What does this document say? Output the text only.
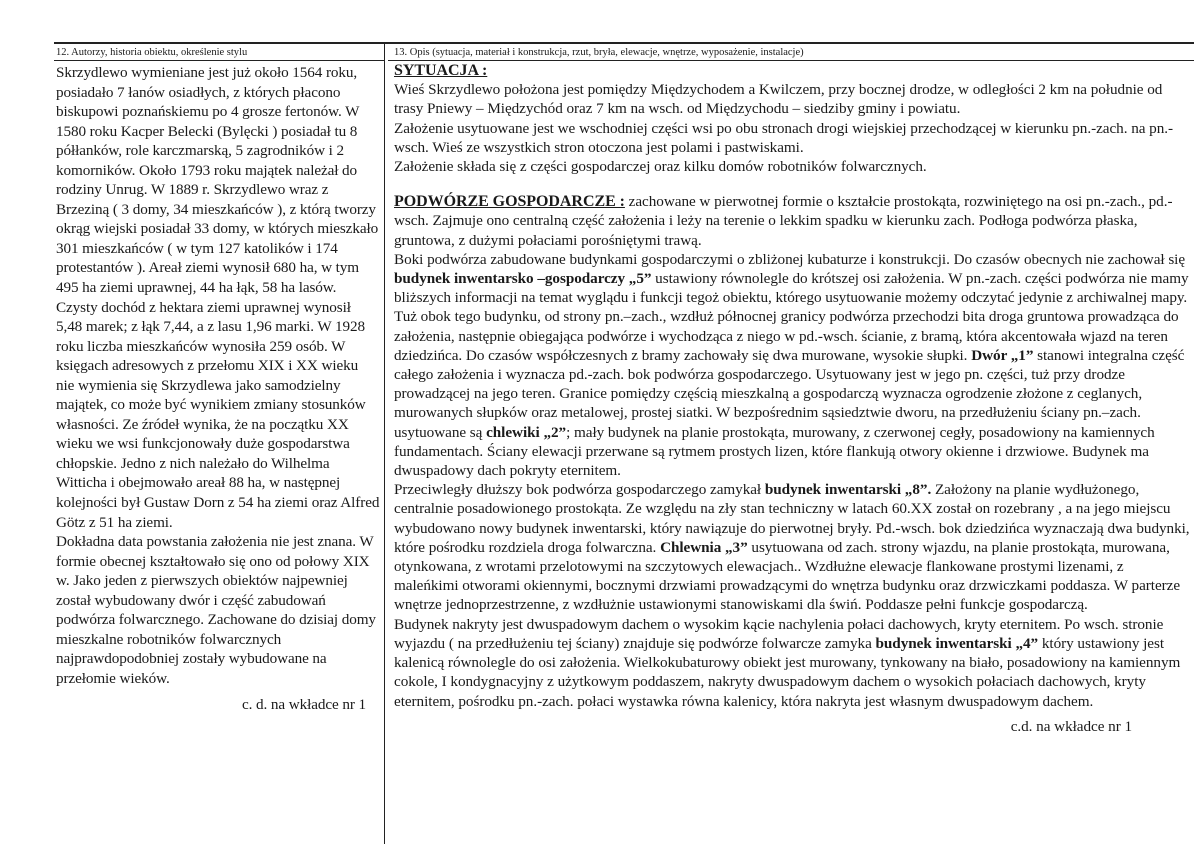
12. Autorzy, historia obiektu, określenie stylu

Skrzydlewo wymieniane jest już około 1564 roku, posiadało 7 łanów osiadłych, z których płacono biskupowi poznańskiemu po 4 grosze fertonów. W 1580 roku Kacper Belecki (Bylęcki ) posiadał tu 8 półłanków, role karczmarską, 5 zagrodników i 2 komorników. Około 1793 roku majątek należał do rodziny Unrug. W 1889 r. Skrzydlewo wraz z Brzeziną ( 3 domy, 34 mieszkańców ), z którą tworzy okrąg wiejski posiadał 33 domy, w których mieszkało 301 mieszkańców ( w tym 127 katolików i 174 protestantów ). Areał ziemi wynosił 680 ha, w tym 495 ha ziemi uprawnej, 44 ha łąk, 58 ha lasów. Czysty dochód z hektara ziemi uprawnej wynosił 5,48 marek; z łąk 7,44, a z lasu 1,96 marki. W 1928 roku liczba mieszkańców wynosiła 259 osób. W księgach adresowych z przełomu XIX i XX wieku nie wymienia się Skrzydlewa jako samodzielny majątek, co może być wynikiem zmiany stosunków własności. Ze źródeł wynika, że na początku XX wieku we wsi funkcjonowały duże gospodarstwa chłopskie. Jedno z nich należało do Wilhelma Witticha i obejmowało areał 88 ha, w następnej kolejności był Gustaw Dorn z 54 ha ziemi oraz Alfred Götz z 51 ha ziemi.

Dokładna data powstania założenia nie jest znana. W formie obecnej kształtowało się ono od połowy XIX w. Jako jeden z pierwszych obiektów najpewniej został wybudowany dwór i część zabudowań podwórza folwarcznego. Zachowane do dzisiaj domy mieszkalne robotników folwarcznych najprawdopodobniej zostały wybudowane na przełomie wieków.

c. d. na wkładce nr 1

13. Opis (sytuacja, materiał i konstrukcja, rzut, bryła, elewacje, wnętrze, wyposażenie, instalacje)

SYTUACJA :

Wieś Skrzydlewo położona jest pomiędzy Międzychodem a Kwilczem, przy bocznej drodze, w odległości 2 km na południe od trasy Pniewy – Międzychód oraz 7 km na wsch. od Międzychodu – siedziby gminy i powiatu.

Założenie usytuowane jest we wschodniej części wsi po obu stronach drogi wiejskiej przechodzącej w kierunku pn.-zach. na pn.-wsch. Wieś ze wszystkich stron otoczona jest polami i pastwiskami.

Założenie składa się z części gospodarczej oraz kilku domów robotników folwarcznych.

PODWÓRZE GOSPODARCZE : zachowane w pierwotnej formie o kształcie prostokąta, rozwiniętego na osi pn.-zach., pd.-wsch. Zajmuje ono centralną część założenia i leży na terenie o lekkim spadku w kierunku zach. Podłoga podwórza płaska, gruntowa, z dużymi połaciami porośniętymi trawą.

Boki podwórza zabudowane budynkami gospodarczymi o zbliżonej kubaturze i konstrukcji. Do czasów obecnych nie zachował się budynek inwentarsko –gospodarczy „5” ustawiony równolegle do krótszej osi założenia. W pn.-zach. części podwórza nie mamy bliższych informacji na temat wyglądu i funkcji tegoż obiektu, którego usytuowanie możemy odczytać jedynie z archiwalnej mapy. Tuż obok tego budynku, od strony pn.–zach., wzdłuż północnej granicy podwórza przechodzi bita droga gruntowa prowadząca do założenia, następnie obiegająca podwórze i wychodząca z niego w pd.-wsch. ścianie, z bramą, która akcentowała wjazd na teren dziedzińca. Do czasów współczesnych z bramy zachowały się dwa murowane, wysokie słupki. Dwór „1” stanowi integralna część całego założenia i wyznacza pd.-zach. bok podwórza gospodarczego. Usytuowany jest w jego pn. części, tuż przy drodze prowadzącej na jego teren. Granice pomiędzy częścią mieszkalną a gospodarczą wyznacza ogrodzenie złożone z ceglanych, murowanych słupków oraz metalowej, prostej siatki. W bezpośrednim sąsiedztwie dworu, na przedłużeniu ściany pn.–zach. usytuowane są chlewiki „2”; mały budynek na planie prostokąta, murowany, z czerwonej cegły, posadowiony na kamiennych fundamentach. Ściany elewacji przerwane są rytmem prostych lizen, które flankują otwory okienne i drzwiowe. Budynek ma dwuspadowy dach pokryty eternitem.

Przeciwległy dłuższy bok podwórza gospodarczego zamykał budynek inwentarski „8”. Założony na planie wydłużonego, centralnie posadowionego prostokąta. Ze względu na zły stan techniczny w latach 60.XX został on rozebrany , a na jego miejscu wybudowano nowy budynek inwentarski, który nawiązuje do pierwotnej bryły. Pd.-wsch. bok dziedzińca wyznaczają dwa budynki, które pośrodku rozdziela droga folwarczna. Chlewnia „3” usytuowana od zach. strony wjazdu, na planie prostokąta, murowana, otynkowana, z wrotami przelotowymi na szczytowych elewacjach.. Wzdłużne elewacje flankowane prostymi lizenami, z maleńkimi otworami okiennymi, bocznymi drzwiami prowadzącymi do wnętrza budynku oraz drzwiczkami poddasza. W parterze wnętrze jednoprzestrzenne, z wzdłużnie ustawionymi stanowiskami dla świń. Poddasze pełni funkcje gospodarczą.

Budynek nakryty jest dwuspadowym dachem o wysokim kącie nachylenia połaci dachowych, kryty eternitem. Po wsch. stronie wyjazdu ( na przedłużeniu tej ściany) znajduje się podwórze folwarcze zamyka budynek inwentarski „4” który ustawiony jest kalenicą równolegle do osi założenia. Wielkokubaturowy obiekt jest murowany, tynkowany na biało, posadowiony na kamiennym cokole, I kondygnacyjny z użytkowym poddaszem, nakryty dwuspadowym dachem o wysokich połaciach dachowych, kryty eternitem, pośrodku pn.-zach. połaci wystawka równa kalenicy, która nakryta jest własnym dwuspadowym dachem.

c.d. na wkładce nr 1
